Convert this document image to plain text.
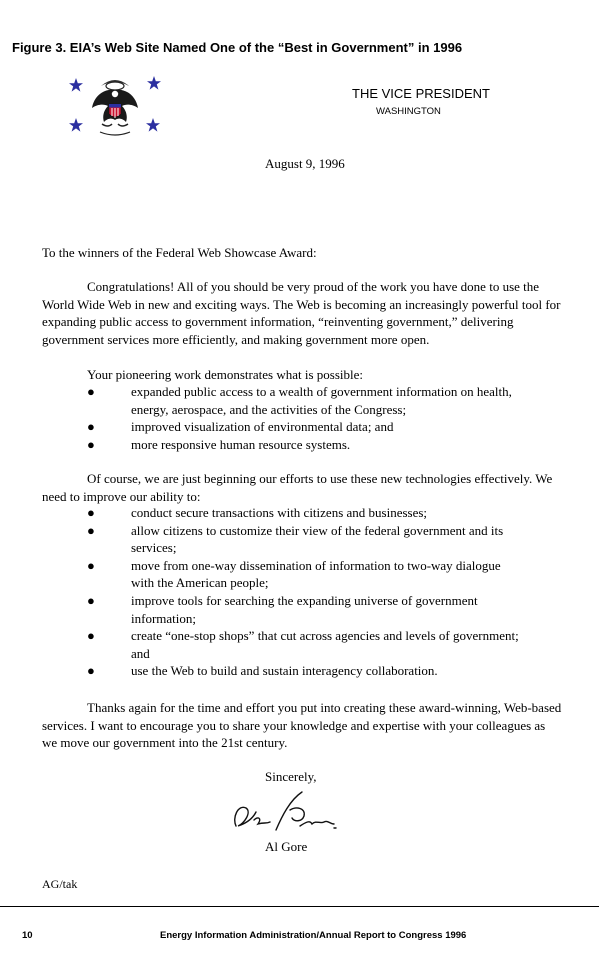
Figure 3. EIA’s Web Site Named One of the “Best in Government” in 1996
THE VICE PRESIDENT
WASHINGTON
August 9, 1996
To the winners of the Federal Web Showcase Award:

Congratulations! All of you should be very proud of the work you have done to use the World Wide Web in new and exciting ways. The Web is becoming an increasingly powerful tool for expanding public access to government information, “reinventing government,” delivering government services more efficiently, and making government more open.

Your pioneering work demonstrates what is possible:
●	expanded public access to a wealth of government information on health, energy, aerospace, and the activities of the Congress;
●	improved visualization of environmental data; and
●	more responsive human resource systems.

Of course, we are just beginning our efforts to use these new technologies effectively. We need to improve our ability to:

●	conduct secure transactions with citizens and businesses;
●	allow citizens to customize their view of the federal government and its services;
●	move from one-way dissemination of information to two-way dialogue with the American people;
●	improve tools for searching the expanding universe of government information;
●	create “one-stop shops” that cut across agencies and levels of government; and
●	use the Web to build and sustain interagency collaboration.

Thanks again for the time and effort you put into creating these award-winning, Web-based services. I want to encourage you to share your knowledge and expertise with your colleagues as we move our government into the 21st century.

Sincerely,
Al Gore
AG/tak
10	Energy Information Administration/Annual Report to Congress 1996
